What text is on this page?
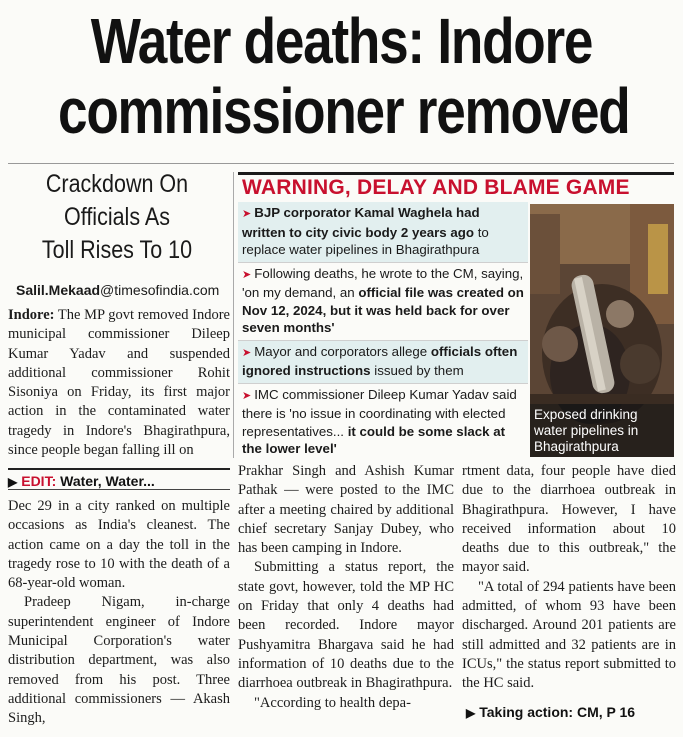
Water deaths: Indore
commissioner removed
Crackdown On
Officials As
Toll Rises To 10
Salil.Mekaad@timesofindia.com

Indore: The MP govt removed Indore municipal commissioner Dileep Kumar Yadav and suspended additional commissioner Rohit Sisoniya on Friday, its first major action in the contaminated water tragedy in Indore's Bhagirathpura, since people began falling ill on

▶ EDIT: Water, Water...

Dec 29 in a city ranked on multiple occasions as India's cleanest. The action came on a day the toll in the tragedy rose to 10 with the death of a 68-year-old woman.

Pradeep Nigam, in-charge superintendent engineer of Indore Municipal Corporation's water distribution department, was also removed from his post. Three additional commissioners — Akash Singh,

Prakhar Singh and Ashish Kumar Pathak — were posted to the IMC after a meeting chaired by additional chief secretary Sanjay Dubey, who has been camping in Indore.

Submitting a status report, the state govt, however, told the MP HC on Friday that only 4 deaths had been recorded. Indore mayor Pushyamitra Bhargava said he had information of 10 deaths due to the diarrhoea outbreak in Bhagirathpura.

"According to health depa-

rtment data, four people have died due to the diarrhoea outbreak in Bhagirathpura. However, I have received information about 10 deaths due to this outbreak," the mayor said.

"A total of 294 patients have been admitted, of whom 93 have been discharged. Around 201 patients are still admitted and 32 patients are in ICUs," the status report submitted to the HC said.

WARNING, DELAY AND BLAME GAME
➤ BJP corporator Kamal Waghela had written to city civic body 2 years ago to replace water pipelines in Bhagirathpura
➤ Following deaths, he wrote to the CM, saying, 'on my demand, an official file was created on Nov 12, 2024, but it was held back for over seven months'
➤ Mayor and corporators allege officials often ignored instructions issued by them
➤ IMC commissioner Dileep Kumar Yadav said there is 'no issue in coordinating with elected representatives... it could be some slack at the lower level'
Exposed drinking water pipelines in Bhagirathpura
▶ Taking action: CM, P 16
